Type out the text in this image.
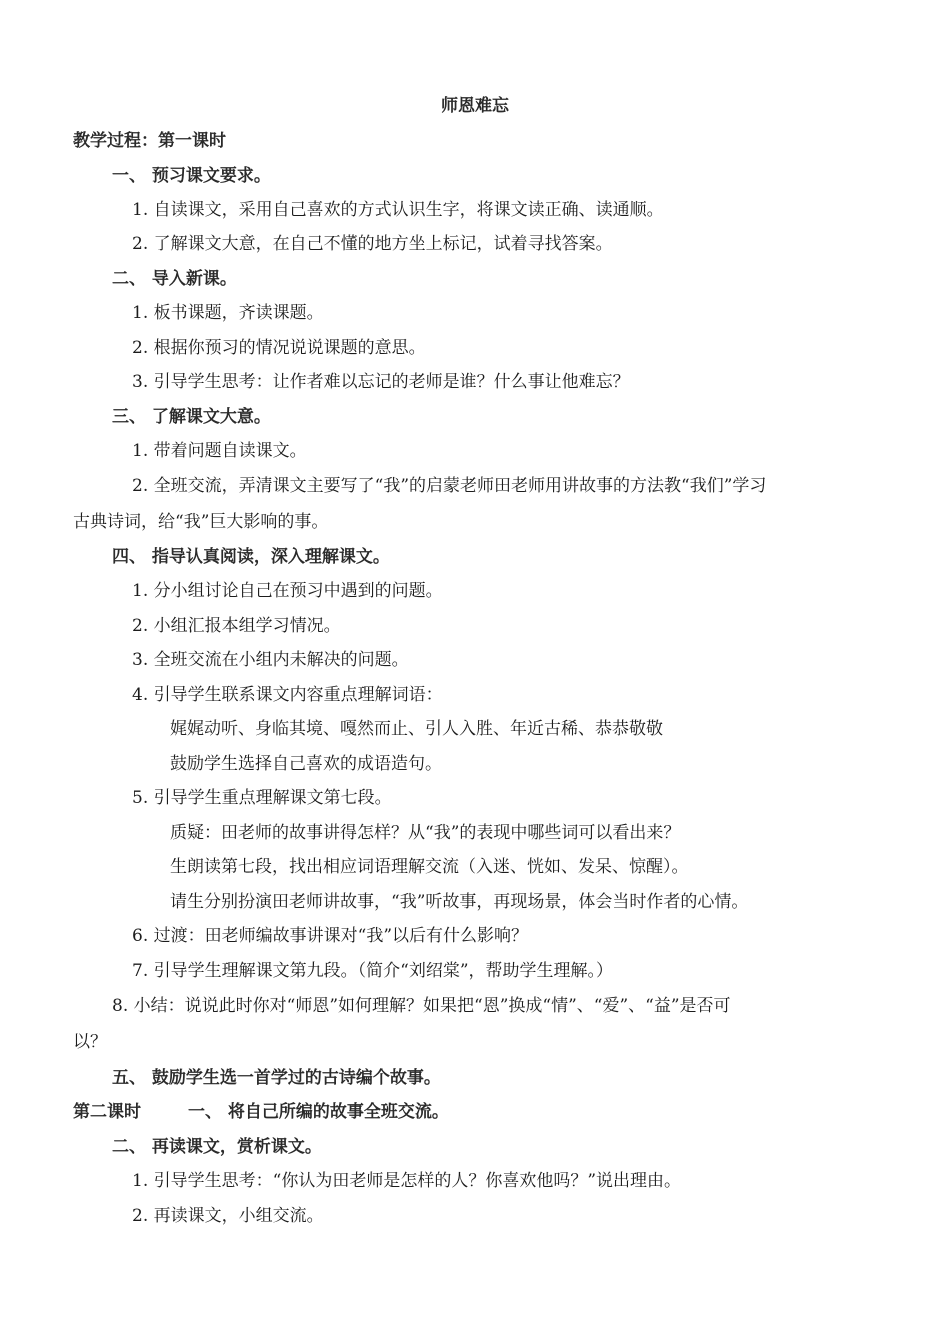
师恩难忘
教学过程：第一课时
一、 预习课文要求。
1. 自读课文，采用自己喜欢的方式认识生字，将课文读正确、读通顺。
2. 了解课文大意，在自己不懂的地方坐上标记，试着寻找答案。
二、 导入新课。
1. 板书课题，齐读课题。
2. 根据你预习的情况说说课题的意思。
3. 引导学生思考：让作者难以忘记的老师是谁？什么事让他难忘？
三、 了解课文大意。
1. 带着问题自读课文。
2. 全班交流，弄清课文主要写了“我”的启蒙老师田老师用讲故事的方法教“我们”学习
古典诗词，给“我”巨大影响的事。
四、 指导认真阅读，深入理解课文。
1. 分小组讨论自己在预习中遇到的问题。
2. 小组汇报本组学习情况。
3. 全班交流在小组内未解决的问题。
4. 引导学生联系课文内容重点理解词语：
娓娓动听、身临其境、嘎然而止、引人入胜、年近古稀、恭恭敬敬
鼓励学生选择自己喜欢的成语造句。
5. 引导学生重点理解课文第七段。
质疑：田老师的故事讲得怎样？从“我”的表现中哪些词可以看出来？
生朗读第七段，找出相应词语理解交流（入迷、恍如、发呆、惊醒）。
请生分别扮演田老师讲故事，“我”听故事，再现场景，体会当时作者的心情。
6. 过渡：田老师编故事讲课对“我”以后有什么影响？
7. 引导学生理解课文第九段。（简介“刘绍棠”，帮助学生理解。）
8. 小结：说说此时你对“师恩”如何理解？如果把“恩”换成“情”、“爱”、“益”是否可
以？
五、 鼓励学生选一首学过的古诗编个故事。
第二课时	一、 将自己所编的故事全班交流。
二、 再读课文，赏析课文。
1. 引导学生思考：“你认为田老师是怎样的人？你喜欢他吗？”说出理由。
2. 再读课文，小组交流。
